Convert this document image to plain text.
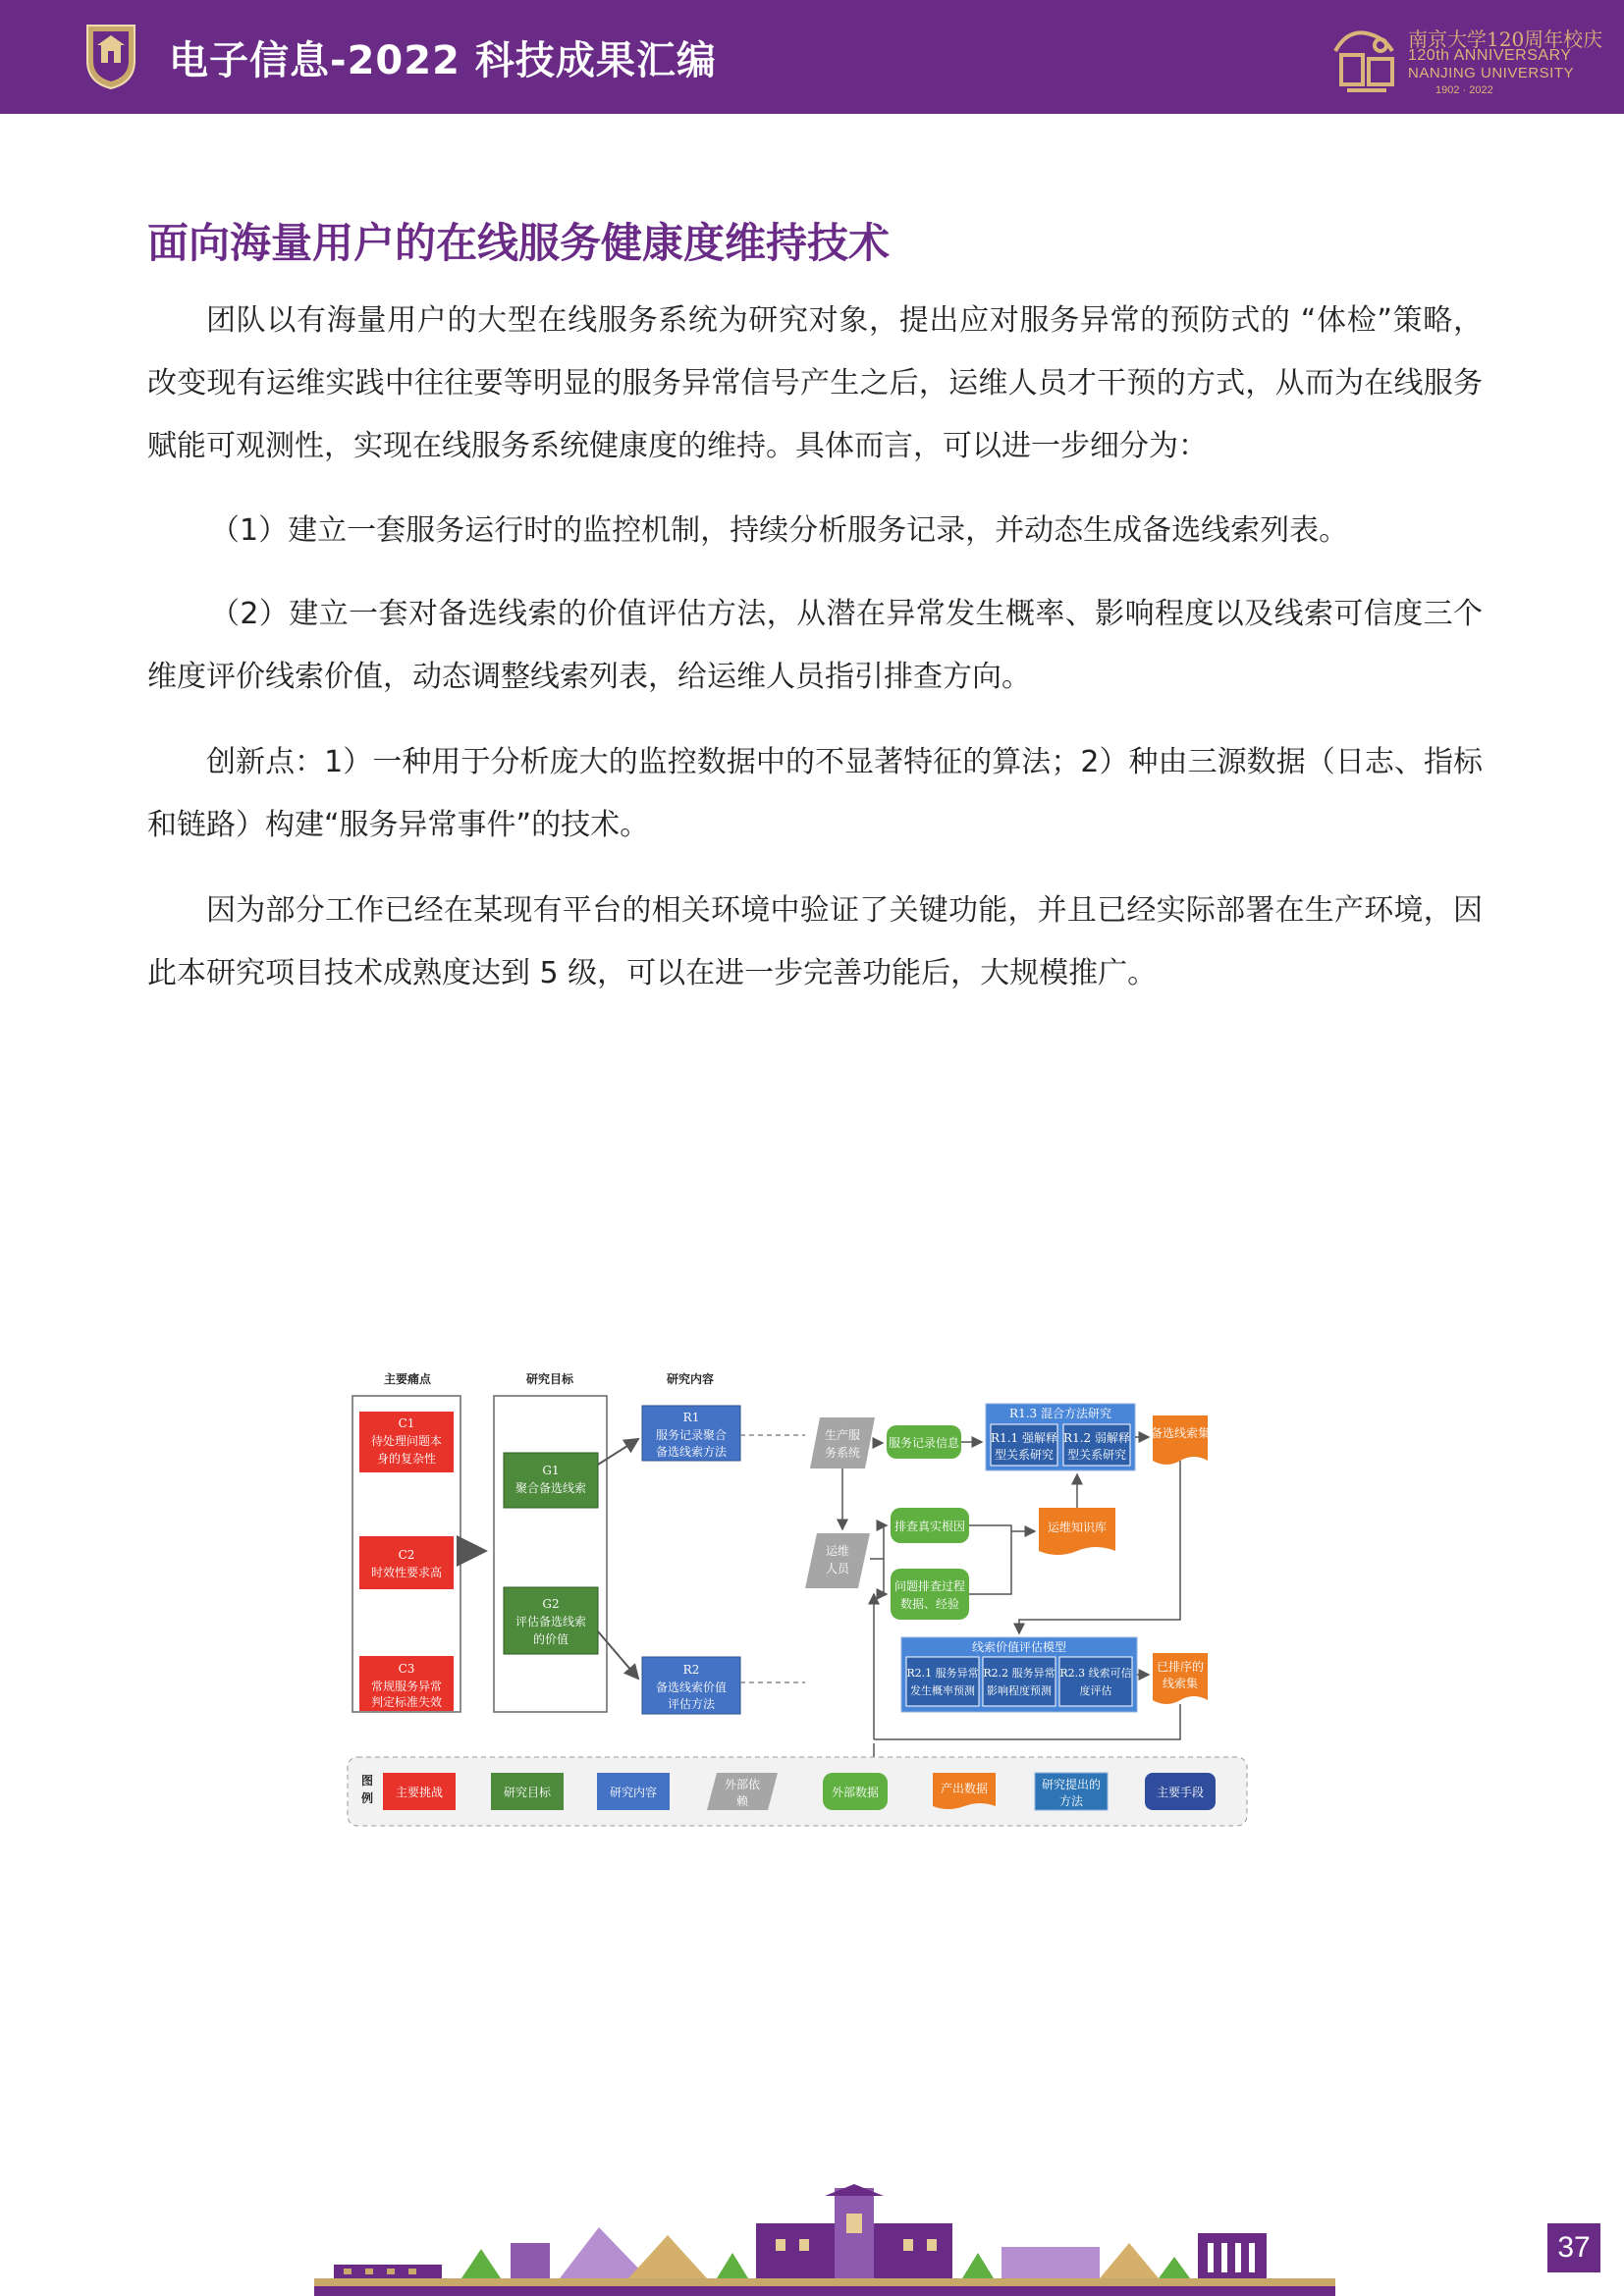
电子信息-2022 科技成果汇编	南京大学120周年校庆
120th ANNIVERSARY
NANJING UNIVERSITY
1902 · 2022
面向海量用户的在线服务健康度维持技术
团队以有海量用户的大型在线服务系统为研究对象，提出应对服务异常的预防式的 “体检”策略，改变现有运维实践中往往要等明显的服务异常信号产生之后，运维人员才干预的方式，从而为在线服务赋能可观测性，实现在线服务系统健康度的维持。具体而言，可以进一步细分为：
（1）建立一套服务运行时的监控机制，持续分析服务记录，并动态生成备选线索列表。
（2）建立一套对备选线索的价值评估方法，从潜在异常发生概率、影响程度以及线索可信度三个维度评价线索价值，动态调整线索列表，给运维人员指引排查方向。
创新点：1）一种用于分析庞大的监控数据中的不显著特征的算法；2）种由三源数据（日志、指标和链路）构建“服务异常事件”的技术。
因为部分工作已经在某现有平台的相关环境中验证了关键功能，并且已经实际部署在生产环境，因此本研究项目技术成熟度达到 5 级，可以在进一步完善功能后，大规模推广。
主要痛点	研究目标	研究内容
C1
待处理问题本
身的复杂性
C2
时效性要求高
C3
常规服务异常
判定标准失效
G1
聚合备选线索
G2
评估备选线索
的价值
R1
服务记录聚合
备选线索方法
R2
备选线索价值
评估方法
生产服
务系统
运维
人员
服务记录信息
排查真实根因
问题排查过程
数据、经验
R1.3 混合方法研究
R1.1 强解释
型关系研究
R1.2 弱解释
型关系研究
备选线索集
运维知识库
线索价值评估模型
R2.1 服务异常
发生概率预测
R2.2 服务异常
影响程度预测
R2.3 线索可信
度评估
已排序的
线索集
图
例 主要挑战	研究目标	研究内容
外部依
赖
外部数据	产出数据	研究提出的
方法
主要手段
37
